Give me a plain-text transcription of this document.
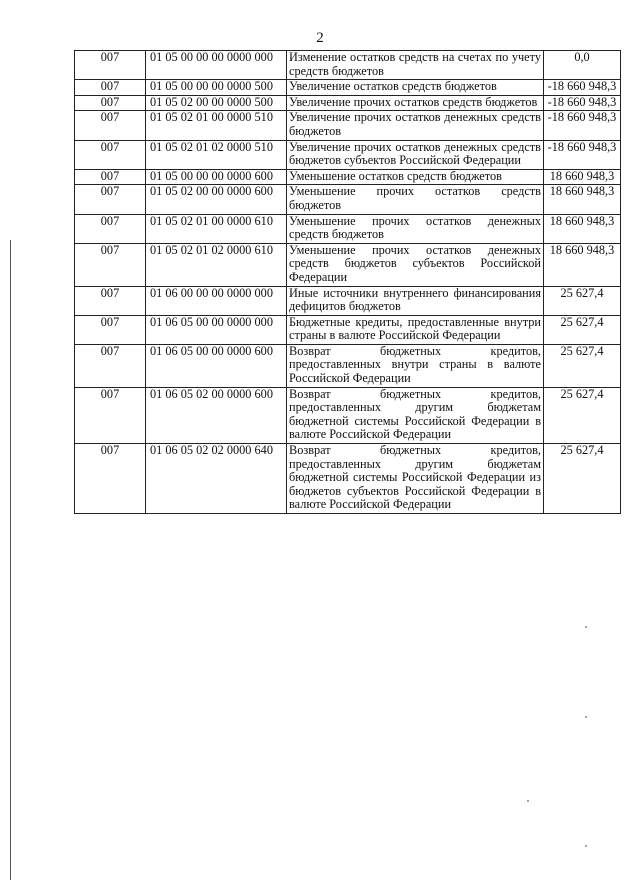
2
007	01 05 00 00 00 0000 000	Изменение остатков средств на счетах по учету средств бюджетов	0,0
007	01 05 00 00 00 0000 500	Увеличение остатков средств бюджетов	-18 660 948,3
007	01 05 02 00 00 0000 500	Увеличение прочих остатков средств бюджетов	-18 660 948,3
007	01 05 02 01 00 0000 510	Увеличение прочих остатков денежных средств бюджетов	-18 660 948,3
007	01 05 02 01 02 0000 510	Увеличение прочих остатков денежных средств бюджетов субъектов Российской Федерации	-18 660 948,3
007	01 05 00 00 00 0000 600	Уменьшение остатков средств бюджетов	18 660 948,3
007	01 05 02 00 00 0000 600	Уменьшение прочих остатков средств бюджетов	18 660 948,3
007	01 05 02 01 00 0000 610	Уменьшение прочих остатков денежных средств бюджетов	18 660 948,3
007	01 05 02 01 02 0000 610	Уменьшение прочих остатков денежных средств бюджетов субъектов Российской Федерации	18 660 948,3
007	01 06 00 00 00 0000 000	Иные источники внутреннего финансирования дефицитов бюджетов	25 627,4
007	01 06 05 00 00 0000 000	Бюджетные кредиты, предоставленные внутри страны в валюте Российской Федерации	25 627,4
007	01 06 05 00 00 0000 600	Возврат бюджетных кредитов, предоставленных внутри страны в валюте Российской Федерации	25 627,4
007	01 06 05 02 00 0000 600	Возврат бюджетных кредитов, предоставленных другим бюджетам бюджетной системы Российской Федерации в валюте Российской Федерации	25 627,4
007	01 06 05 02 02 0000 640	Возврат бюджетных кредитов, предоставленных другим бюджетам бюджетной системы Российской Федерации из бюджетов субъектов Российской Федерации в валюте Российской Федерации	25 627,4
